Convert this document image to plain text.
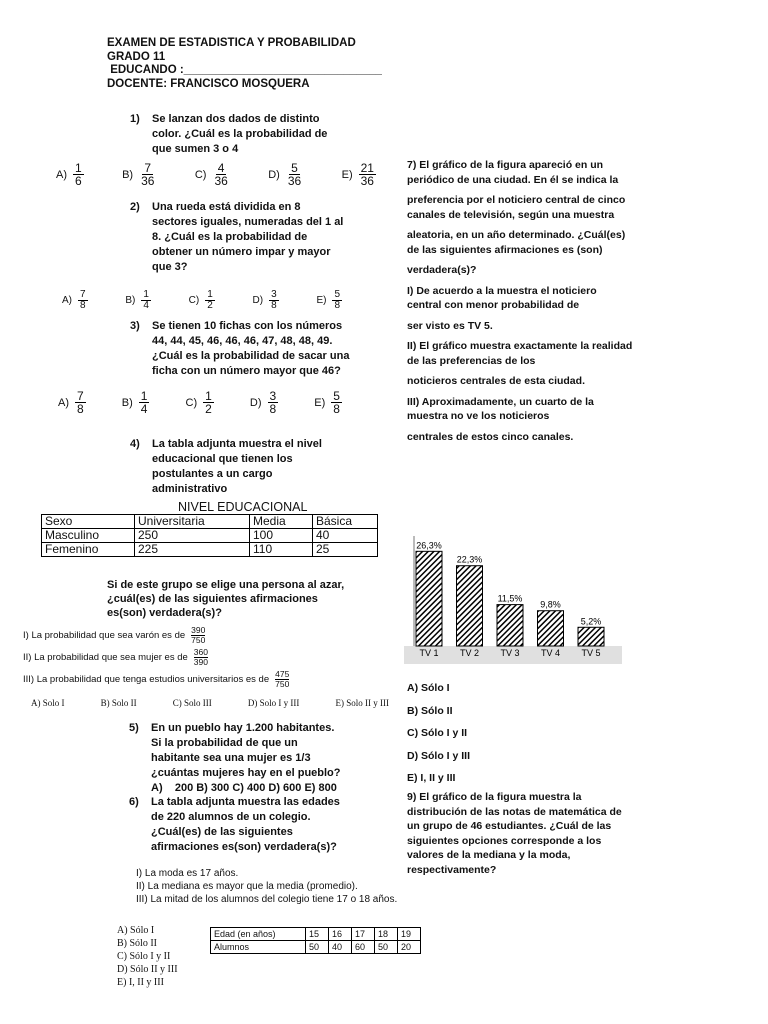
EXAMEN DE ESTADISTICA Y PROBABILIDAD
GRADO 11
EDUCANDO :_______________________________
DOCENTE: FRANCISCO MOSQUERA
1) Se lanzan dos dados de distinto
color. ¿Cuál es la probabilidad de
que sumen 3 o 4
$A) \frac{1}{6}$	$B) \frac{7}{36}$	$C) \frac{4}{36}$	$D) \frac{5}{36}$	$E) \frac{21}{36}$
2) Una rueda está dividida en 8
sectores iguales, numeradas del 1 al
8. ¿Cuál es la probabilidad de
obtener un número impar y mayor
que 3?
$A) \frac{7}{8}$	$B) \frac{1}{4}$	$C) \frac{1}{2}$	$D) \frac{3}{8}$	$E) \frac{5}{8}$
3) Se tienen 10 fichas con los números
44, 44, 45, 46, 46, 46, 47, 48, 48, 49.
¿Cuál es la probabilidad de sacar una
ficha con un número mayor que 46?
$A) \frac{7}{8}$	$B) \frac{1}{4}$	$C) \frac{1}{2}$	$D) \frac{3}{8}$	$E) \frac{5}{8}$
4) La tabla adjunta muestra el nivel
educacional que tienen los
postulantes a un cargo
administrativo
NIVEL EDUCACIONAL
Sexo	Universitaria	Media	Básica
Masculino	250	100	40
Femenino	225	110	25
Si de este grupo se elige una persona al azar,
¿cuál(es) de las siguientes afirmaciones
es(son) verdadera(s)?
I) La probabilidad que sea varón es de 390
750
II) La probabilidad que sea mujer es de 360
390
III) La probabilidad que tenga estudios universitarios es de 475
750
A) Solo I	B) Solo II	C) Solo III	D) Solo I y III	E) Solo II y III
5) En un pueblo hay 1.200 habitantes.
Si la probabilidad de que un
habitante sea una mujer es 1/3
¿cuántas mujeres hay en el pueblo?
A)    200 B) 300 C) 400 D) 600 E) 800
6) La tabla adjunta muestra las edades
de 220 alumnos de un colegio.
¿Cuál(es) de las siguientes
afirmaciones es(son) verdadera(s)?
I) La moda es 17 años.
II) La mediana es mayor que la media (promedio).
III) La mitad de los alumnos del colegio tiene 17 o 18 años.
A) Sólo I
B) Sólo II
C) Sólo I y II
D) Sólo II y III
E) I, II y III
Edad (en años)	15	16	17	18	19
Alumnos	50	40	60	50	20
7) El gráfico de la figura apareció en un
periódico de una ciudad. En él se indica la
preferencia por el noticiero central de cinco
canales de televisión, según una muestra
aleatoria, en un año determinado. ¿Cuál(es)
de las siguientes afirmaciones es (son)
verdadera(s)?
I) De acuerdo a la muestra el noticiero
central con menor probabilidad de
ser visto es TV 5.
II) El gráfico muestra exactamente la realidad
de las preferencias de los
noticieros centrales de esta ciudad.
III) Aproximadamente, un cuarto de la
muestra no ve los noticieros
centrales de estos cinco canales.
26,3%
TV 1
22,3%
TV 2
11,5%
TV 3
9,8%
TV 4
5,2%
TV 5
A) Sólo I
B) Sólo II
C) Sólo I y II
D) Sólo I y III
E) I, II y III
9) El gráfico de la figura muestra la
distribución de las notas de matemática de
un grupo de 46 estudiantes. ¿Cuál de las
siguientes opciones corresponde a los
valores de la mediana y la moda,
respectivamente?
